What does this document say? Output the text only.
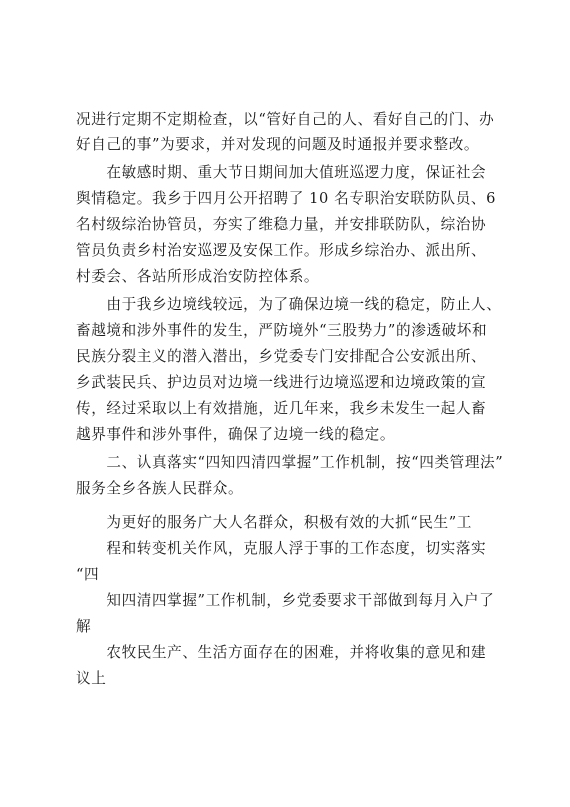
况进行定期不定期检查，以“管好自己的人、看好自己的门、办
好自己的事”为要求，并对发现的问题及时通报并要求整改。
　　在敏感时期、重大节日期间加大值班巡逻力度，保证社会
舆情稳定。我乡于四月公开招聘了 10 名专职治安联防队员、6
名村级综治协管员，夯实了维稳力量，并安排联防队，综治协
管员负责乡村治安巡逻及安保工作。形成乡综治办、派出所、
村委会、各站所形成治安防控体系。
　　由于我乡边境线较远，为了确保边境一线的稳定，防止人、
畜越境和涉外事件的发生，严防境外“三股势力”的渗透破坏和
民族分裂主义的潜入潜出，乡党委专门安排配合公安派出所、
乡武装民兵、护边员对边境一线进行边境巡逻和边境政策的宣
传，经过采取以上有效措施，近几年来，我乡未发生一起人畜
越界事件和涉外事件，确保了边境一线的稳定。
　　二、认真落实“四知四清四掌握”工作机制，按“四类管理法”
服务全乡各族人民群众。
　　为更好的服务广大人名群众，积极有效的大抓“民生”工
　　程和转变机关作风，克服人浮于事的工作态度，切实落实
“四
　　知四清四掌握”工作机制，乡党委要求干部做到每月入户了
解
　　农牧民生产、生活方面存在的困难，并将收集的意见和建
议上
